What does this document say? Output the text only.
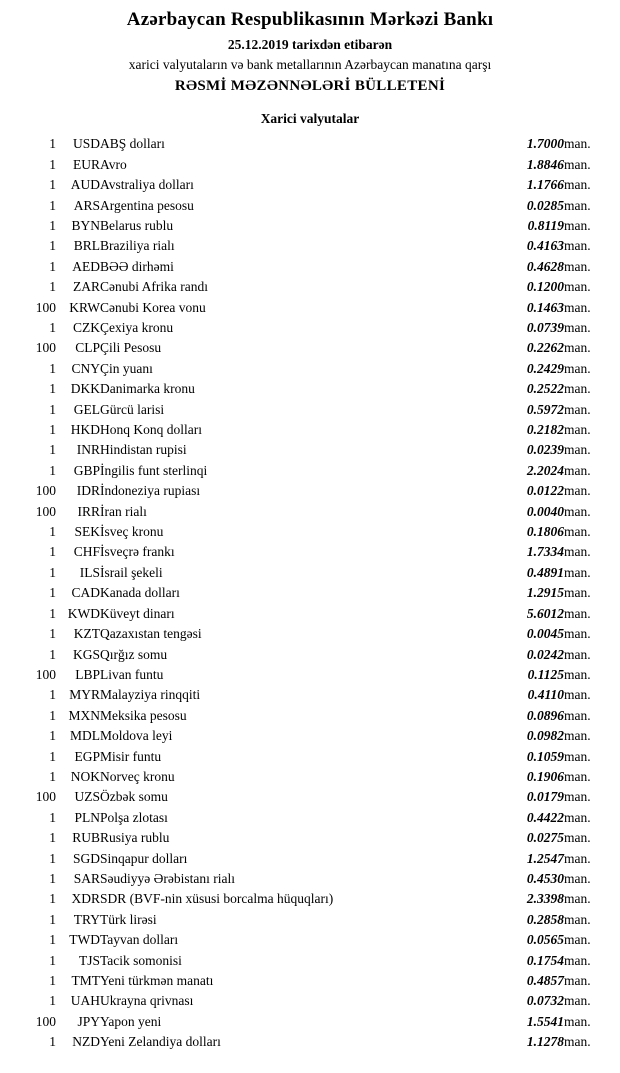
Azərbaycan Respublikasının Mərkəzi Bankı
25.12.2019 tarixdən etibarən
xarici valyutaların və bank metallarının Azərbaycan manatına qarşı
RƏSMİ MƏZƏNNƏLƏRİ BÜLLETENİ
Xarici valyutalar
1	USD	ABŞ dolları	1.7000	man.
1	EUR	Avro	1.8846	man.
1	AUD	Avstraliya dolları	1.1766	man.
1	ARS	Argentina pesosu	0.0285	man.
1	BYN	Belarus rublu	0.8119	man.
1	BRL	Braziliya rialı	0.4163	man.
1	AED	BƏƏ dirhəmi	0.4628	man.
1	ZAR	Cənubi Afrika randı	0.1200	man.
100	KRW	Cənubi Korea vonu	0.1463	man.
1	CZK	Çexiya kronu	0.0739	man.
100	CLP	Çili Pesosu	0.2262	man.
1	CNY	Çin yuanı	0.2429	man.
1	DKK	Danimarka kronu	0.2522	man.
1	GEL	Gürcü larisi	0.5972	man.
1	HKD	Honq Konq dolları	0.2182	man.
1	INR	Hindistan rupisi	0.0239	man.
1	GBP	İngilis funt sterlinqi	2.2024	man.
100	IDR	İndoneziya rupiası	0.0122	man.
100	IRR	İran rialı	0.0040	man.
1	SEK	İsveç kronu	0.1806	man.
1	CHF	İsveçrə frankı	1.7334	man.
1	ILS	İsrail şekeli	0.4891	man.
1	CAD	Kanada dolları	1.2915	man.
1	KWD	Küveyt dinarı	5.6012	man.
1	KZT	Qazaxıstan tengəsi	0.0045	man.
1	KGS	Qırğız somu	0.0242	man.
100	LBP	Livan funtu	0.1125	man.
1	MYR	Malayziya rinqqiti	0.4110	man.
1	MXN	Meksika pesosu	0.0896	man.
1	MDL	Moldova leyi	0.0982	man.
1	EGP	Misir funtu	0.1059	man.
1	NOK	Norveç kronu	0.1906	man.
100	UZS	Özbək somu	0.0179	man.
1	PLN	Polşa zlotası	0.4422	man.
1	RUB	Rusiya rublu	0.0275	man.
1	SGD	Sinqapur dolları	1.2547	man.
1	SAR	Səudiyyə Ərəbistanı rialı	0.4530	man.
1	XDR	SDR (BVF-nin xüsusi borcalma hüquqları)	2.3398	man.
1	TRY	Türk lirəsi	0.2858	man.
1	TWD	Tayvan dolları	0.0565	man.
1	TJS	Tacik somonisi	0.1754	man.
1	TMT	Yeni türkmən manatı	0.4857	man.
1	UAH	Ukrayna qrivnası	0.0732	man.
100	JPY	Yapon yeni	1.5541	man.
1	NZD	Yeni Zelandiya dolları	1.1278	man.
